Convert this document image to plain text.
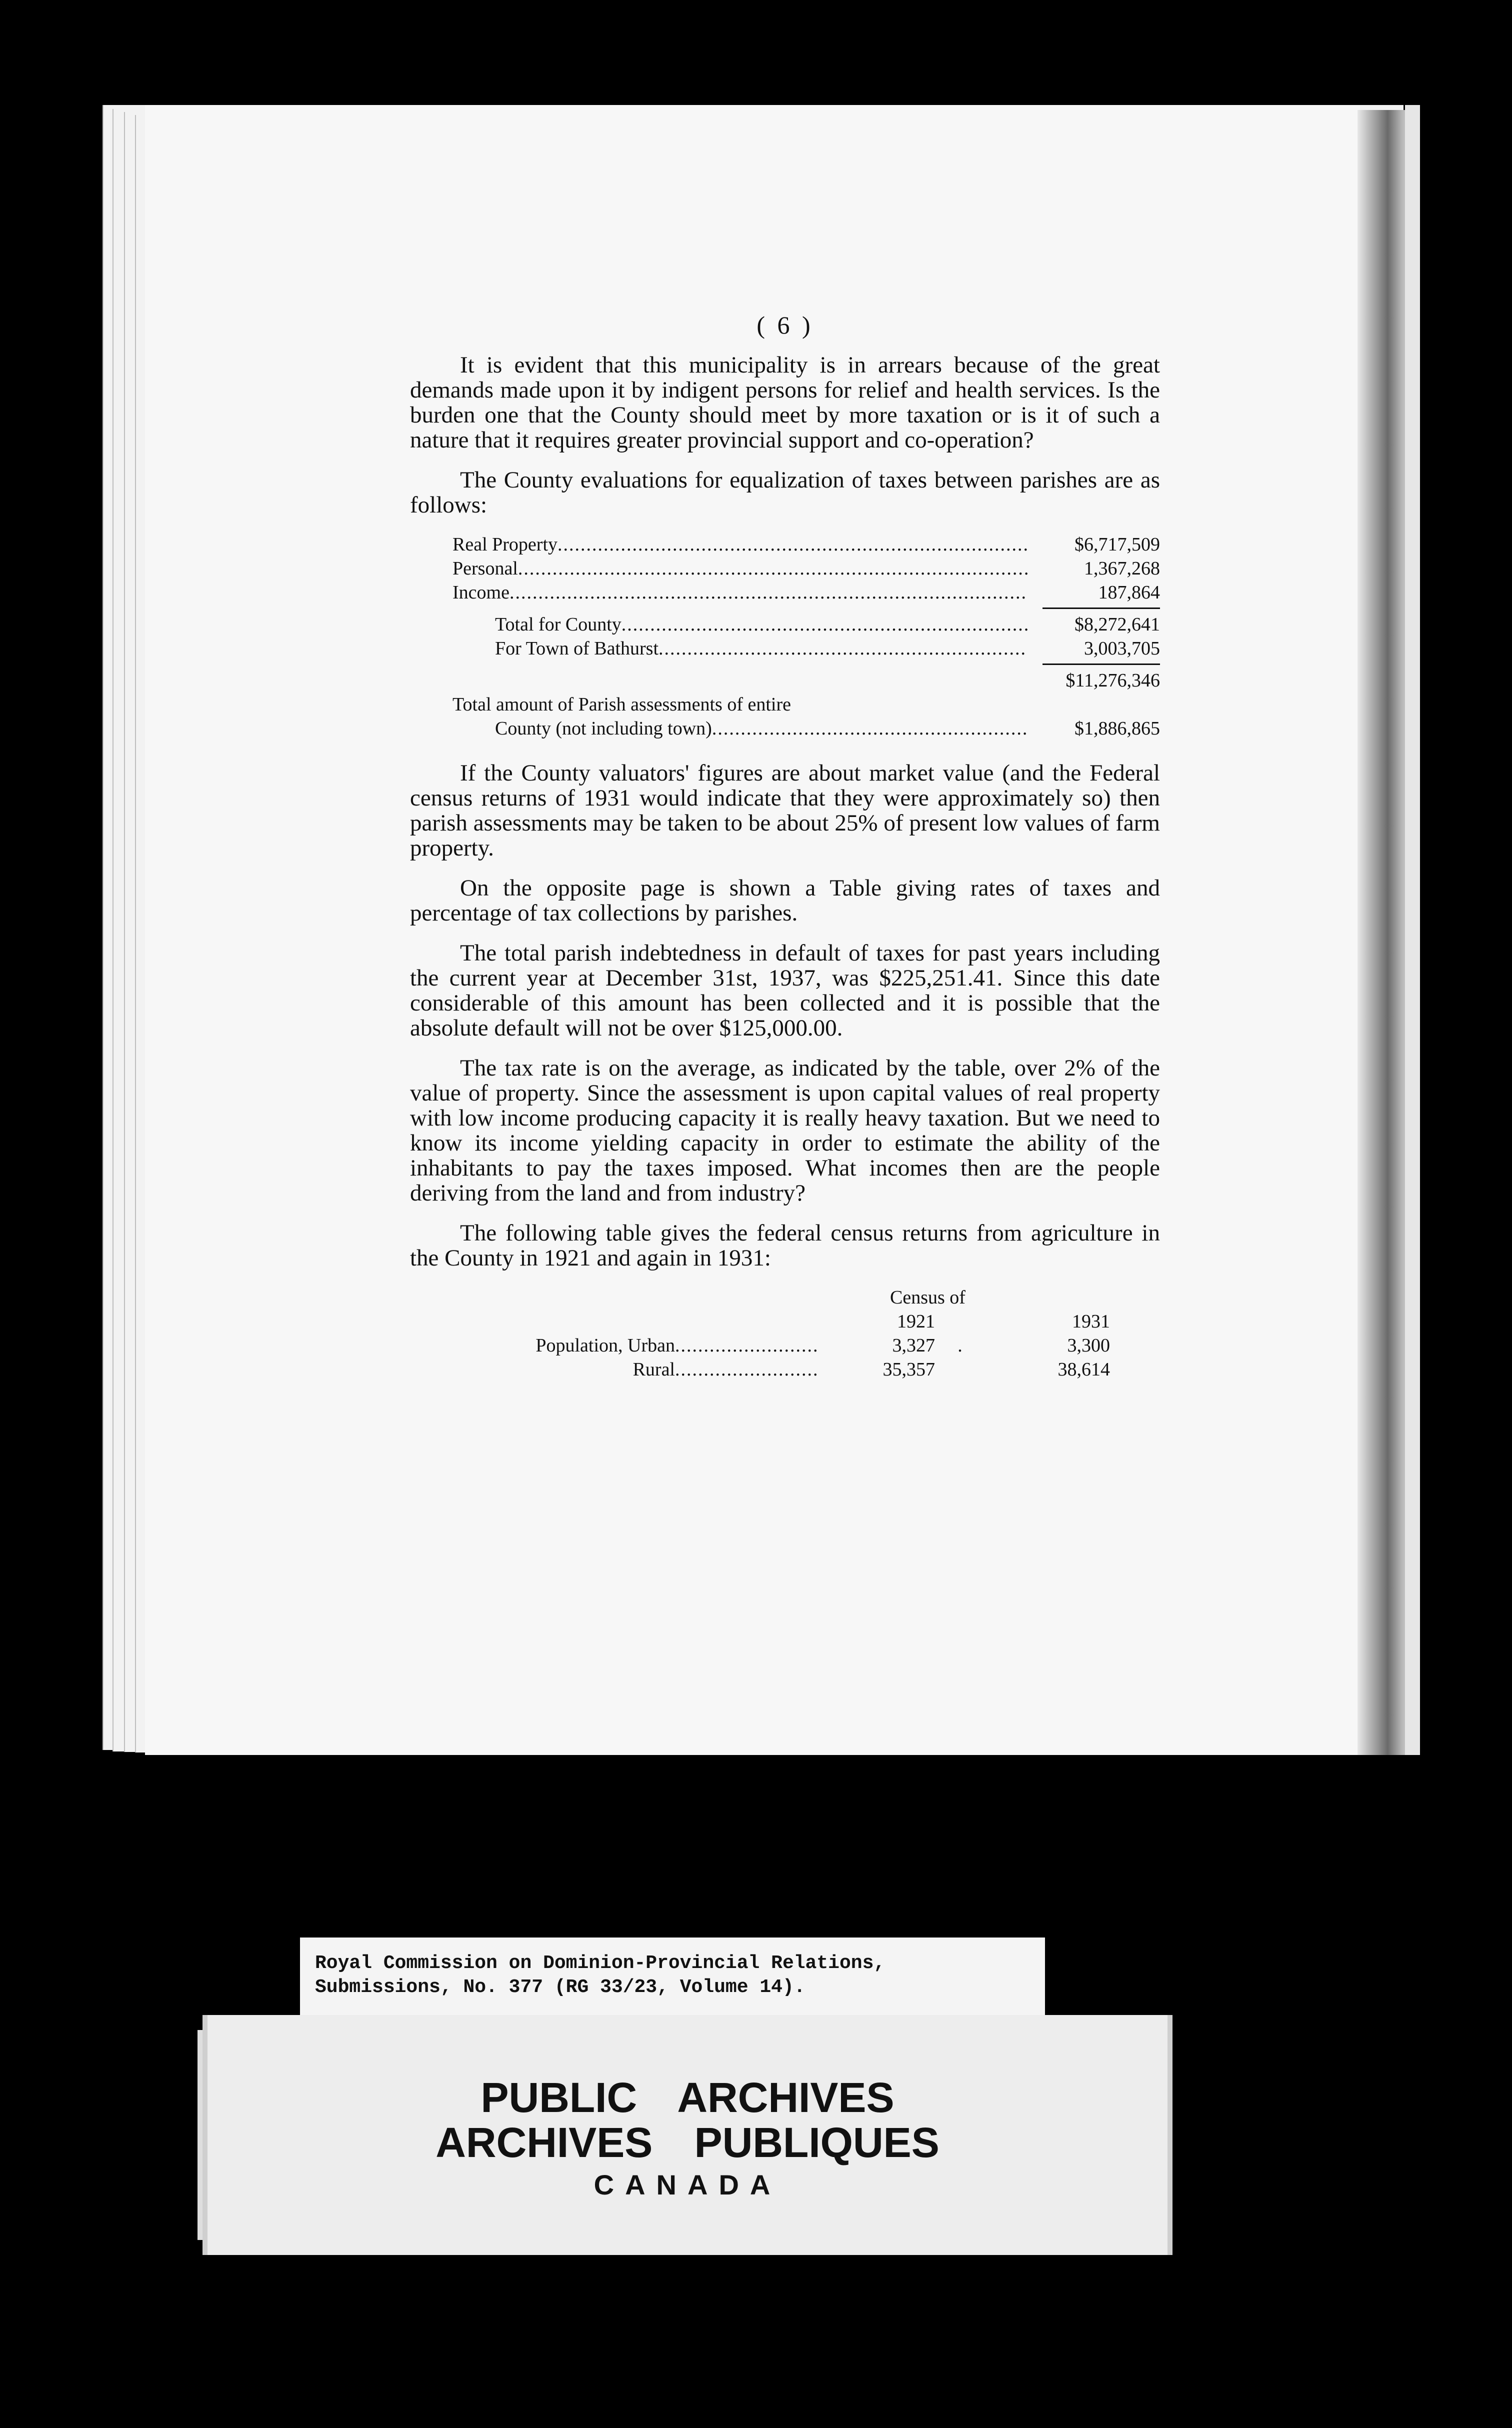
( 6 )

It is evident that this municipality is in arrears because of the great demands made upon it by indigent persons for relief and health services. Is the burden one that the County should meet by more taxation or is it of such a nature that it requires greater provincial support and co-operation?

The County evaluations for equalization of taxes between parishes are as follows:

Real Property .....	$6,717,509
Personal .....	1,367,268
Income .....	187,864
Total for County .....	$8,272,641
For Town of Bathurst .....	3,003,705
$11,276,346
Total amount of Parish assessments of entire
County (not including town) .....	$1,886,865

If the County valuators' figures are about market value (and the Federal census returns of 1931 would indicate that they were approximately so) then parish assessments may be taken to be about 25% of present low values of farm property.

On the opposite page is shown a Table giving rates of taxes and percentage of tax collections by parishes.

The total parish indebtedness in default of taxes for past years including the current year at December 31st, 1937, was $225,251.41. Since this date considerable of this amount has been collected and it is possible that the absolute default will not be over $125,000.00.

The tax rate is on the average, as indicated by the table, over 2% of the value of property. Since the assessment is upon capital values of real property with low income producing capacity it is really heavy taxation. But we need to know its income yielding capacity in order to estimate the ability of the inhabitants to pay the taxes imposed. What incomes then are the people deriving from the land and from industry?

The following table gives the federal census returns from agriculture in the County in 1921 and again in 1931:

Census of
1921	1931
Population, Urban .....	3,327	.	3,300
Rural .....	35,357	38,614
Royal Commission on Dominion-Provincial Relations,
Submissions, No. 377 (RG 33/23, Volume 14).
PUBLIC ARCHIVES
ARCHIVES PUBLIQUES
CANADA
